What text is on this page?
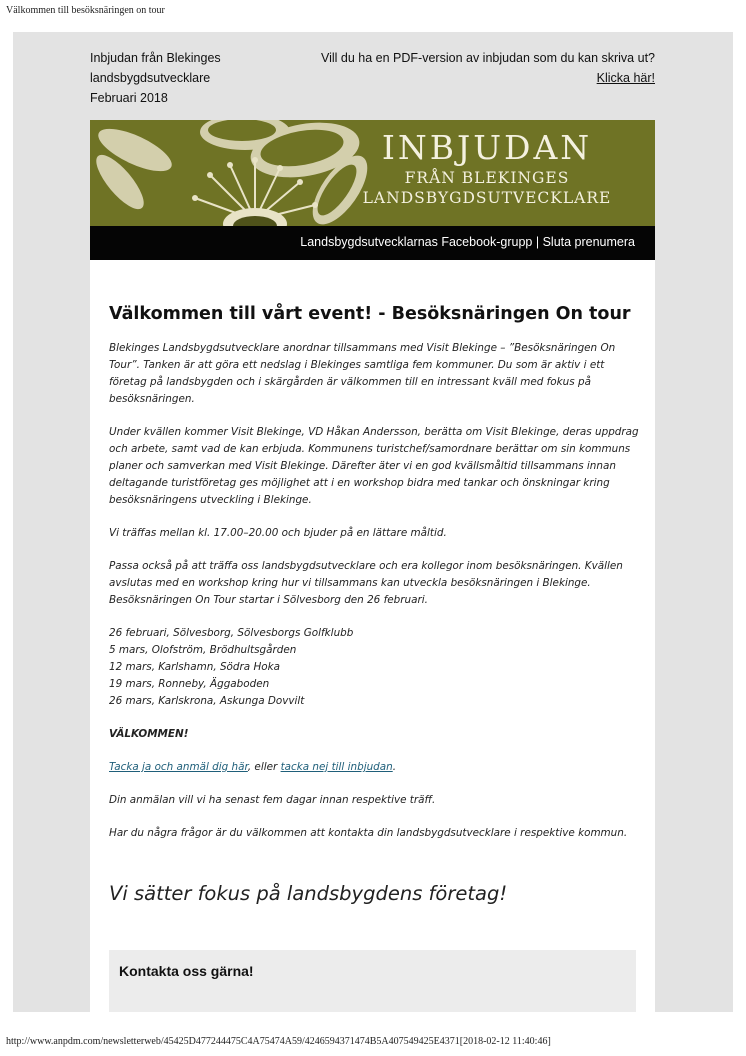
Välkommen till besöksnäringen on tour
Inbjudan från Blekinges
landsbygdsutvecklare
Februari 2018
Vill du ha en PDF-version av inbjudan som du kan skriva ut? Klicka här!
INBJUDAN
FRÅN BLEKINGES
LANDSBYGDSUTVECKLARE
Landsbygdsutvecklarnas Facebook-grupp | Sluta prenumera
Välkommen till vårt event! - Besöksnäringen On tour

Blekinges Landsbygdsutvecklare anordnar tillsammans med Visit Blekinge – ”Besöksnäringen On Tour”. Tanken är att göra ett nedslag i Blekinges samtliga fem kommuner. Du som är aktiv i ett företag på landsbygden och i skärgården är välkommen till en intressant kväll med fokus på besöksnäringen.

Under kvällen kommer Visit Blekinge, VD Håkan Andersson, berätta om Visit Blekinge, deras uppdrag och arbete, samt vad de kan erbjuda. Kommunens turistchef/samordnare berättar om sin kommuns planer och samverkan med Visit Blekinge. Därefter äter vi en god kvällsmåltid tillsammans innan deltagande turistföretag ges möjlighet att i en workshop bidra med tankar och önskningar kring besöksnäringens utveckling i Blekinge.

Vi träffas mellan kl. 17.00–20.00 och bjuder på en lättare måltid.

Passa också på att träffa oss landsbygdsutvecklare och era kollegor inom besöksnäringen. Kvällen avslutas med en workshop kring hur vi tillsammans kan utveckla besöksnäringen i Blekinge. Besöksnäringen On Tour startar i Sölvesborg den 26 februari.

26 februari, Sölvesborg, Sölvesborgs Golfklubb
5 mars, Olofström, Brödhultsgården
12 mars, Karlshamn, Södra Hoka
19 mars, Ronneby, Äggaboden
26 mars, Karlskrona, Askunga Dovvilt

VÄLKOMMEN!

Tacka ja och anmäl dig här, eller tacka nej till inbjudan.

Din anmälan vill vi ha senast fem dagar innan respektive träff.

Har du några frågor är du välkommen att kontakta din landsbygdsutvecklare i respektive kommun.

Vi sätter fokus på landsbygdens företag!
Kontakta oss gärna!
http://www.anpdm.com/newsletterweb/45425D477244475C4A75474A59/4246594371474B5A407549425E4371[2018-02-12 11:40:46]
